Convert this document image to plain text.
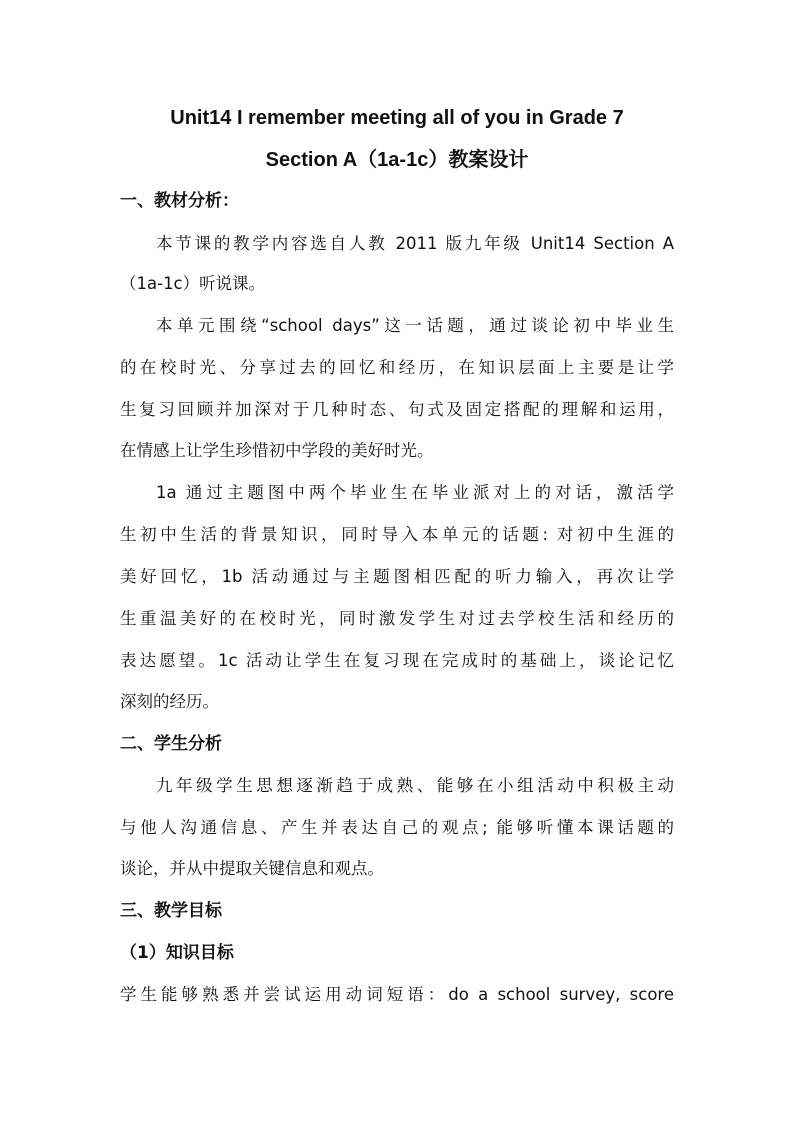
Unit14 I remember meeting all of you in Grade 7
Section A（1a-1c）教案设计
一、教材分析：
本节课的教学内容选自人教 2011 版九年级 Unit14 Section A
（1a-1c）听说课。
本单元围绕“school days”这一话题，通过谈论初中毕业生
的在校时光、分享过去的回忆和经历，在知识层面上主要是让学
生复习回顾并加深对于几种时态、句式及固定搭配的理解和运用，
在情感上让学生珍惜初中学段的美好时光。
1a 通过主题图中两个毕业生在毕业派对上的对话，激活学
生初中生活的背景知识，同时导入本单元的话题: 对初中生涯的
美好回忆，1b 活动通过与主题图相匹配的听力输入，再次让学
生重温美好的在校时光，同时激发学生对过去学校生活和经历的
表达愿望。1c 活动让学生在复习现在完成时的基础上，谈论记忆
深刻的经历。
二、学生分析
九年级学生思想逐渐趋于成熟、能够在小组活动中积极主动
与他人沟通信息、产生并表达自己的观点; 能够听懂本课话题的
谈论，并从中提取关键信息和观点。
三、教学目标
（1）知识目标
学生能够熟悉并尝试运用动词短语：do a school survey, score
